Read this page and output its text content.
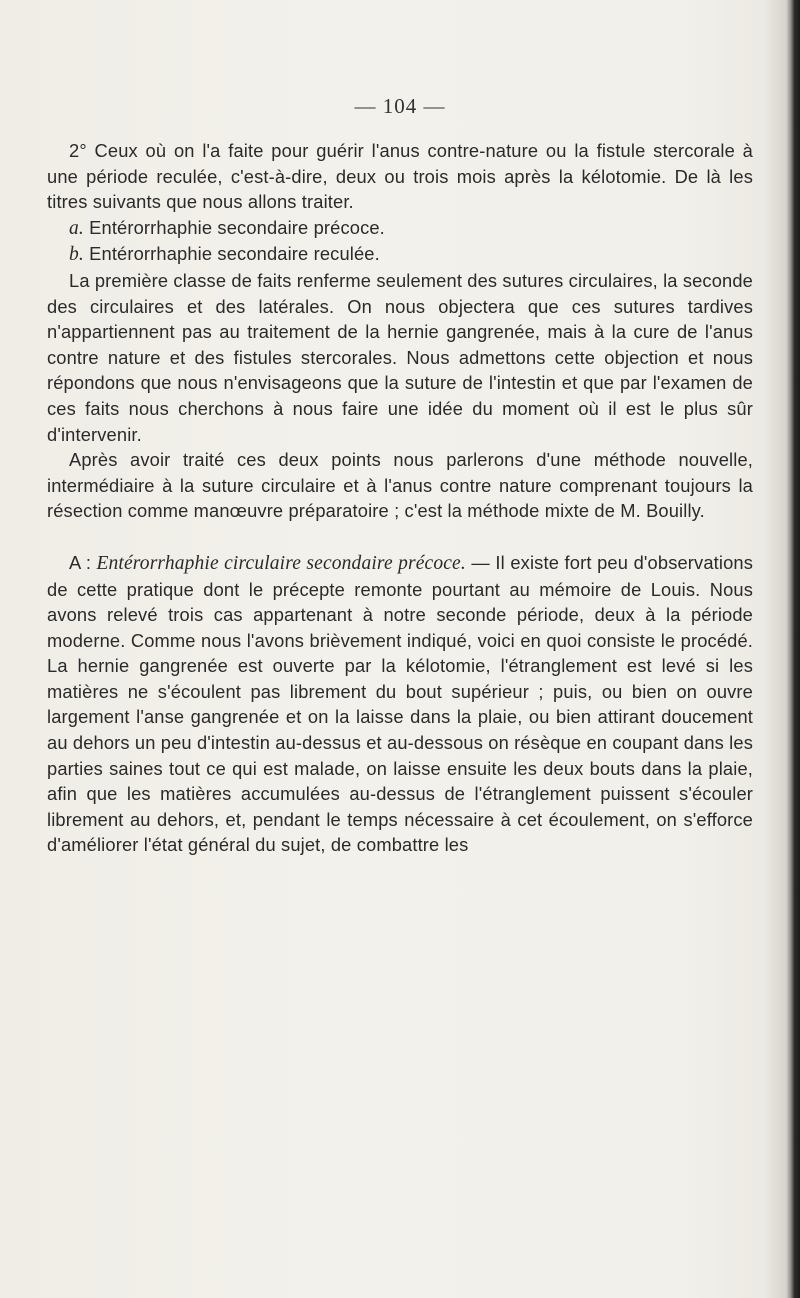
— 104 —

2° Ceux où on l'a faite pour guérir l'anus contre-nature ou la fistule stercorale à une période reculée, c'est-à-dire, deux ou trois mois après la kélotomie. De là les titres suivants que nous allons traiter.

a. Entérorrhaphie secondaire précoce.

b. Entérorrhaphie secondaire reculée.

La première classe de faits renferme seulement des sutures circulaires, la seconde des circulaires et des latérales. On nous objectera que ces sutures tardives n'appartiennent pas au traitement de la hernie gangrenée, mais à la cure de l'anus contre nature et des fistules stercorales. Nous admettons cette objection et nous répondons que nous n'envisageons que la suture de l'intestin et que par l'examen de ces faits nous cherchons à nous faire une idée du moment où il est le plus sûr d'intervenir.

Après avoir traité ces deux points nous parlerons d'une méthode nouvelle, intermédiaire à la suture circulaire et à l'anus contre nature comprenant toujours la résection comme manœuvre préparatoire ; c'est la méthode mixte de M. Bouilly.

A : Entérorrhaphie circulaire secondaire précoce. — Il existe fort peu d'observations de cette pratique dont le précepte remonte pourtant au mémoire de Louis. Nous avons relevé trois cas appartenant à notre seconde période, deux à la période moderne. Comme nous l'avons brièvement indiqué, voici en quoi consiste le procédé. La hernie gangrenée est ouverte par la kélotomie, l'étranglement est levé si les matières ne s'écoulent pas librement du bout supérieur ; puis, ou bien on ouvre largement l'anse gangrenée et on la laisse dans la plaie, ou bien attirant doucement au dehors un peu d'intestin au-dessus et au-dessous on résèque en coupant dans les parties saines tout ce qui est malade, on laisse ensuite les deux bouts dans la plaie, afin que les matières accumulées au-dessus de l'étranglement puissent s'écouler librement au dehors, et, pendant le temps nécessaire à cet écoulement, on s'efforce d'améliorer l'état général du sujet, de combattre les
